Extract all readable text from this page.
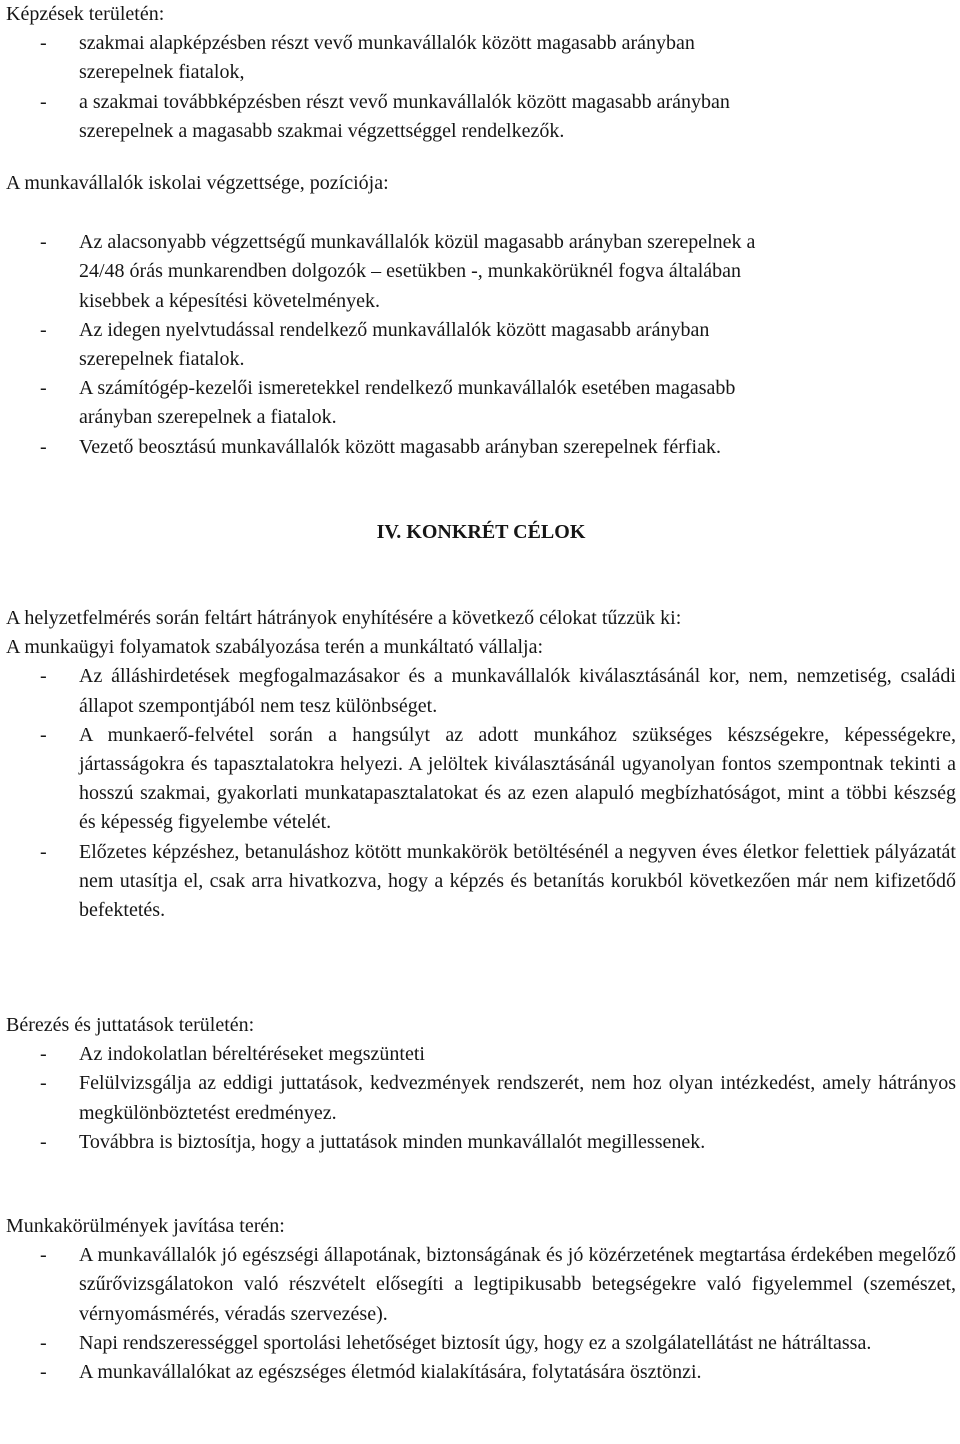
Képzések területén:

- szakmai alapképzésben részt vevő munkavállalók között magasabb arányban
szerepelnek fiatalok,
- a szakmai továbbképzésben részt vevő munkavállalók között magasabb arányban
szerepelnek a magasabb szakmai végzettséggel rendelkezők.

A munkavállalók iskolai végzettsége, pozíciója:

- Az alacsonyabb végzettségű munkavállalók közül magasabb arányban szerepelnek a
24/48 órás munkarendben dolgozók – esetükben -, munkakörüknél fogva általában
kisebbek a képesítési követelmények.
- Az idegen nyelvtudással rendelkező munkavállalók között magasabb arányban
szerepelnek fiatalok.
- A számítógép-kezelői ismeretekkel rendelkező munkavállalók esetében magasabb
arányban szerepelnek a fiatalok.
- Vezető beosztású munkavállalók között magasabb arányban szerepelnek férfiak.

IV. KONKRÉT CÉLOK

A helyzetfelmérés során feltárt hátrányok enyhítésére a következő célokat tűzzük ki:

A munkaügyi folyamatok szabályozása terén a munkáltató vállalja:

- Az álláshirdetések megfogalmazásakor és a munkavállalók kiválasztásánál kor, nem, nemzetiség, családi állapot szempontjából nem tesz különbséget.
- A munkaerő-felvétel során a hangsúlyt az adott munkához szükséges készségekre, képességekre, jártasságokra és tapasztalatokra helyezi. A jelöltek kiválasztásánál ugyanolyan fontos szempontnak tekinti a hosszú szakmai, gyakorlati munkatapasztalatokat és az ezen alapuló megbízhatóságot, mint a többi készség és képesség figyelembe vételét.
- Előzetes képzéshez, betanuláshoz kötött munkakörök betöltésénél a negyven éves életkor felettiek pályázatát nem utasítja el, csak arra hivatkozva, hogy a képzés és betanítás korukból következően már nem kifizetődő befektetés.

Bérezés és juttatások területén:

- Az indokolatlan béreltéréseket megszünteti
- Felülvizsgálja az eddigi juttatások, kedvezmények rendszerét, nem hoz olyan intézkedést, amely hátrányos megkülönböztetést eredményez.
- Továbbra is biztosítja, hogy a juttatások minden munkavállalót megillessenek.

Munkakörülmények javítása terén:

- A munkavállalók jó egészségi állapotának, biztonságának és jó közérzetének megtartása érdekében megelőző szűrővizsgálatokon való részvételt elősegíti a legtipikusabb betegségekre való figyelemmel (szemészet, vérnyomásmérés, véradás szervezése).
- Napi rendszerességgel sportolási lehetőséget biztosít úgy, hogy ez a szolgálatellátást ne hátráltassa.
- A munkavállalókat az egészséges életmód kialakítására, folytatására ösztönzi.
